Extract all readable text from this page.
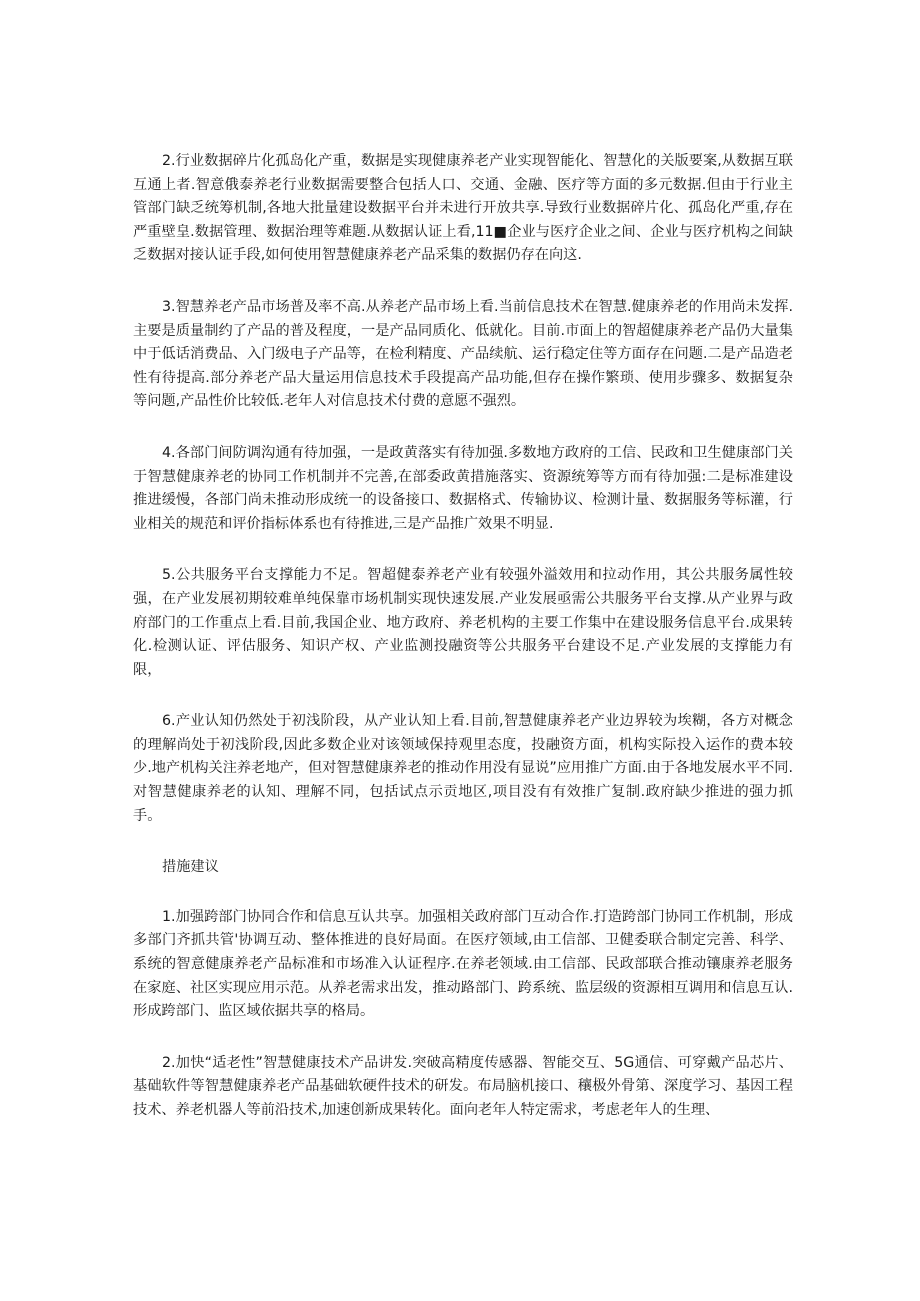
2.行业数据碎片化孤岛化产重，数据是实现健康养老产业实现智能化、智慧化的关版要案,从数据互联互通上者.智意俄泰养老行业数据需要整合包括人口、交通、金融、医疗等方面的多元数据.但由于行业主管部门缺乏统筹机制,各地大批量建设数据平台并未进行开放共享.导致行业数据碎片化、孤岛化严重,存在严重壁皇.数据管理、数据治理等难题.从数据认证上看,11■企业与医疗企业之间、企业与医疗机构之间缺乏数据对接认证手段,如何使用智慧健康养老产品采集的数据仍存在向这.

3.智慧养老产品市场普及率不高.从养老产品市场上看.当前信息技术在智慧.健康养老的作用尚未发挥.主要是质量制约了产品的普及程度，一是产品同质化、低就化。目前.市面上的智超健康养老产品仍大量集中于低话消费品、入门级电子产品等，在检利精度、产品续航、运行稳定住等方面存在问题.二是产品造老性有待提高.部分养老产品大量运用信息技术手段提高产品功能,但存在操作繁琐、使用步骤多、数据复杂等问题,产品性价比较低.老年人对信息技术付费的意愿不强烈。

4.各部门间防调沟通有待加强，一是政黄落实有待加强.多数地方政府的工信、民政和卫生健康部门关于智慧健康养老的协同工作机制并不完善,在部委政黄措施落实、资源统筹等方而有待加强:二是标准建设推进缓慢，各部门尚未推动形成统一的设备接口、数据格式、传输协议、检测计量、数据服务等标灌，行业相关的规范和评价指标体系也有待推进,三是产品推广效果不明显.

5.公共服务平台支撑能力不足。智超健泰养老产业有较强外溢效用和拉动作用，其公共服务属性较强，在产业发展初期较难单纯保靠市场机制实现快速发展.产业发展亟需公共服务平台支撑.从产业界与政府部门的工作重点上看.目前,我国企业、地方政府、养老机构的主要工作集中在建设服务信息平台.成果转化.检测认证、评估服务、知识产权、产业监测投融资等公共服务平台建设不足.产业发展的支撑能力有限，

6.产业认知仍然处于初浅阶段，从产业认知上看.目前,智慧健康养老产业边界较为埃糊，各方对概念的理解尚处于初浅阶段,因此多数企业对该领域保持观里态度，投融资方面，机构实际投入运作的费本较少.地产机构关注养老地产，但对智慧健康养老的推动作用没有显说”应用推广方面.由于各地发展水平不同.对智慧健康养老的认知、理解不同，包括试点示贡地区,项目没有有效推广复制.政府缺少推进的强力抓手。

措施建议

1.加强跨部门协同合作和信息互认共享。加强相关政府部门互动合作.打造跨部门协同工作机制，形成多部门齐抓共管'协调互动、整体推进的良好局面。在医疗领域,由工信部、卫健委联合制定完善、科学、系统的智意健康养老产品标准和市场准入认证程序.在养老领域.由工信部、民政部联合推动镶康养老服务在家庭、社区实现应用示范。从养老需求出发，推动路部门、跨系统、监层级的资源相互调用和信息互认.形成跨部门、监区域依据共享的格局。

2.加快“适老性”智慧健康技术产品讲发.突破高精度传感器、智能交互、5G通信、可穿戴产品芯片、基础软件等智慧健康养老产品基础软硬件技术的研发。布局脑机接口、穰极外骨第、深度学习、基因工程技术、养老机器人等前沿技术,加速创新成果转化。面向老年人特定需求，考虑老年人的生理、
